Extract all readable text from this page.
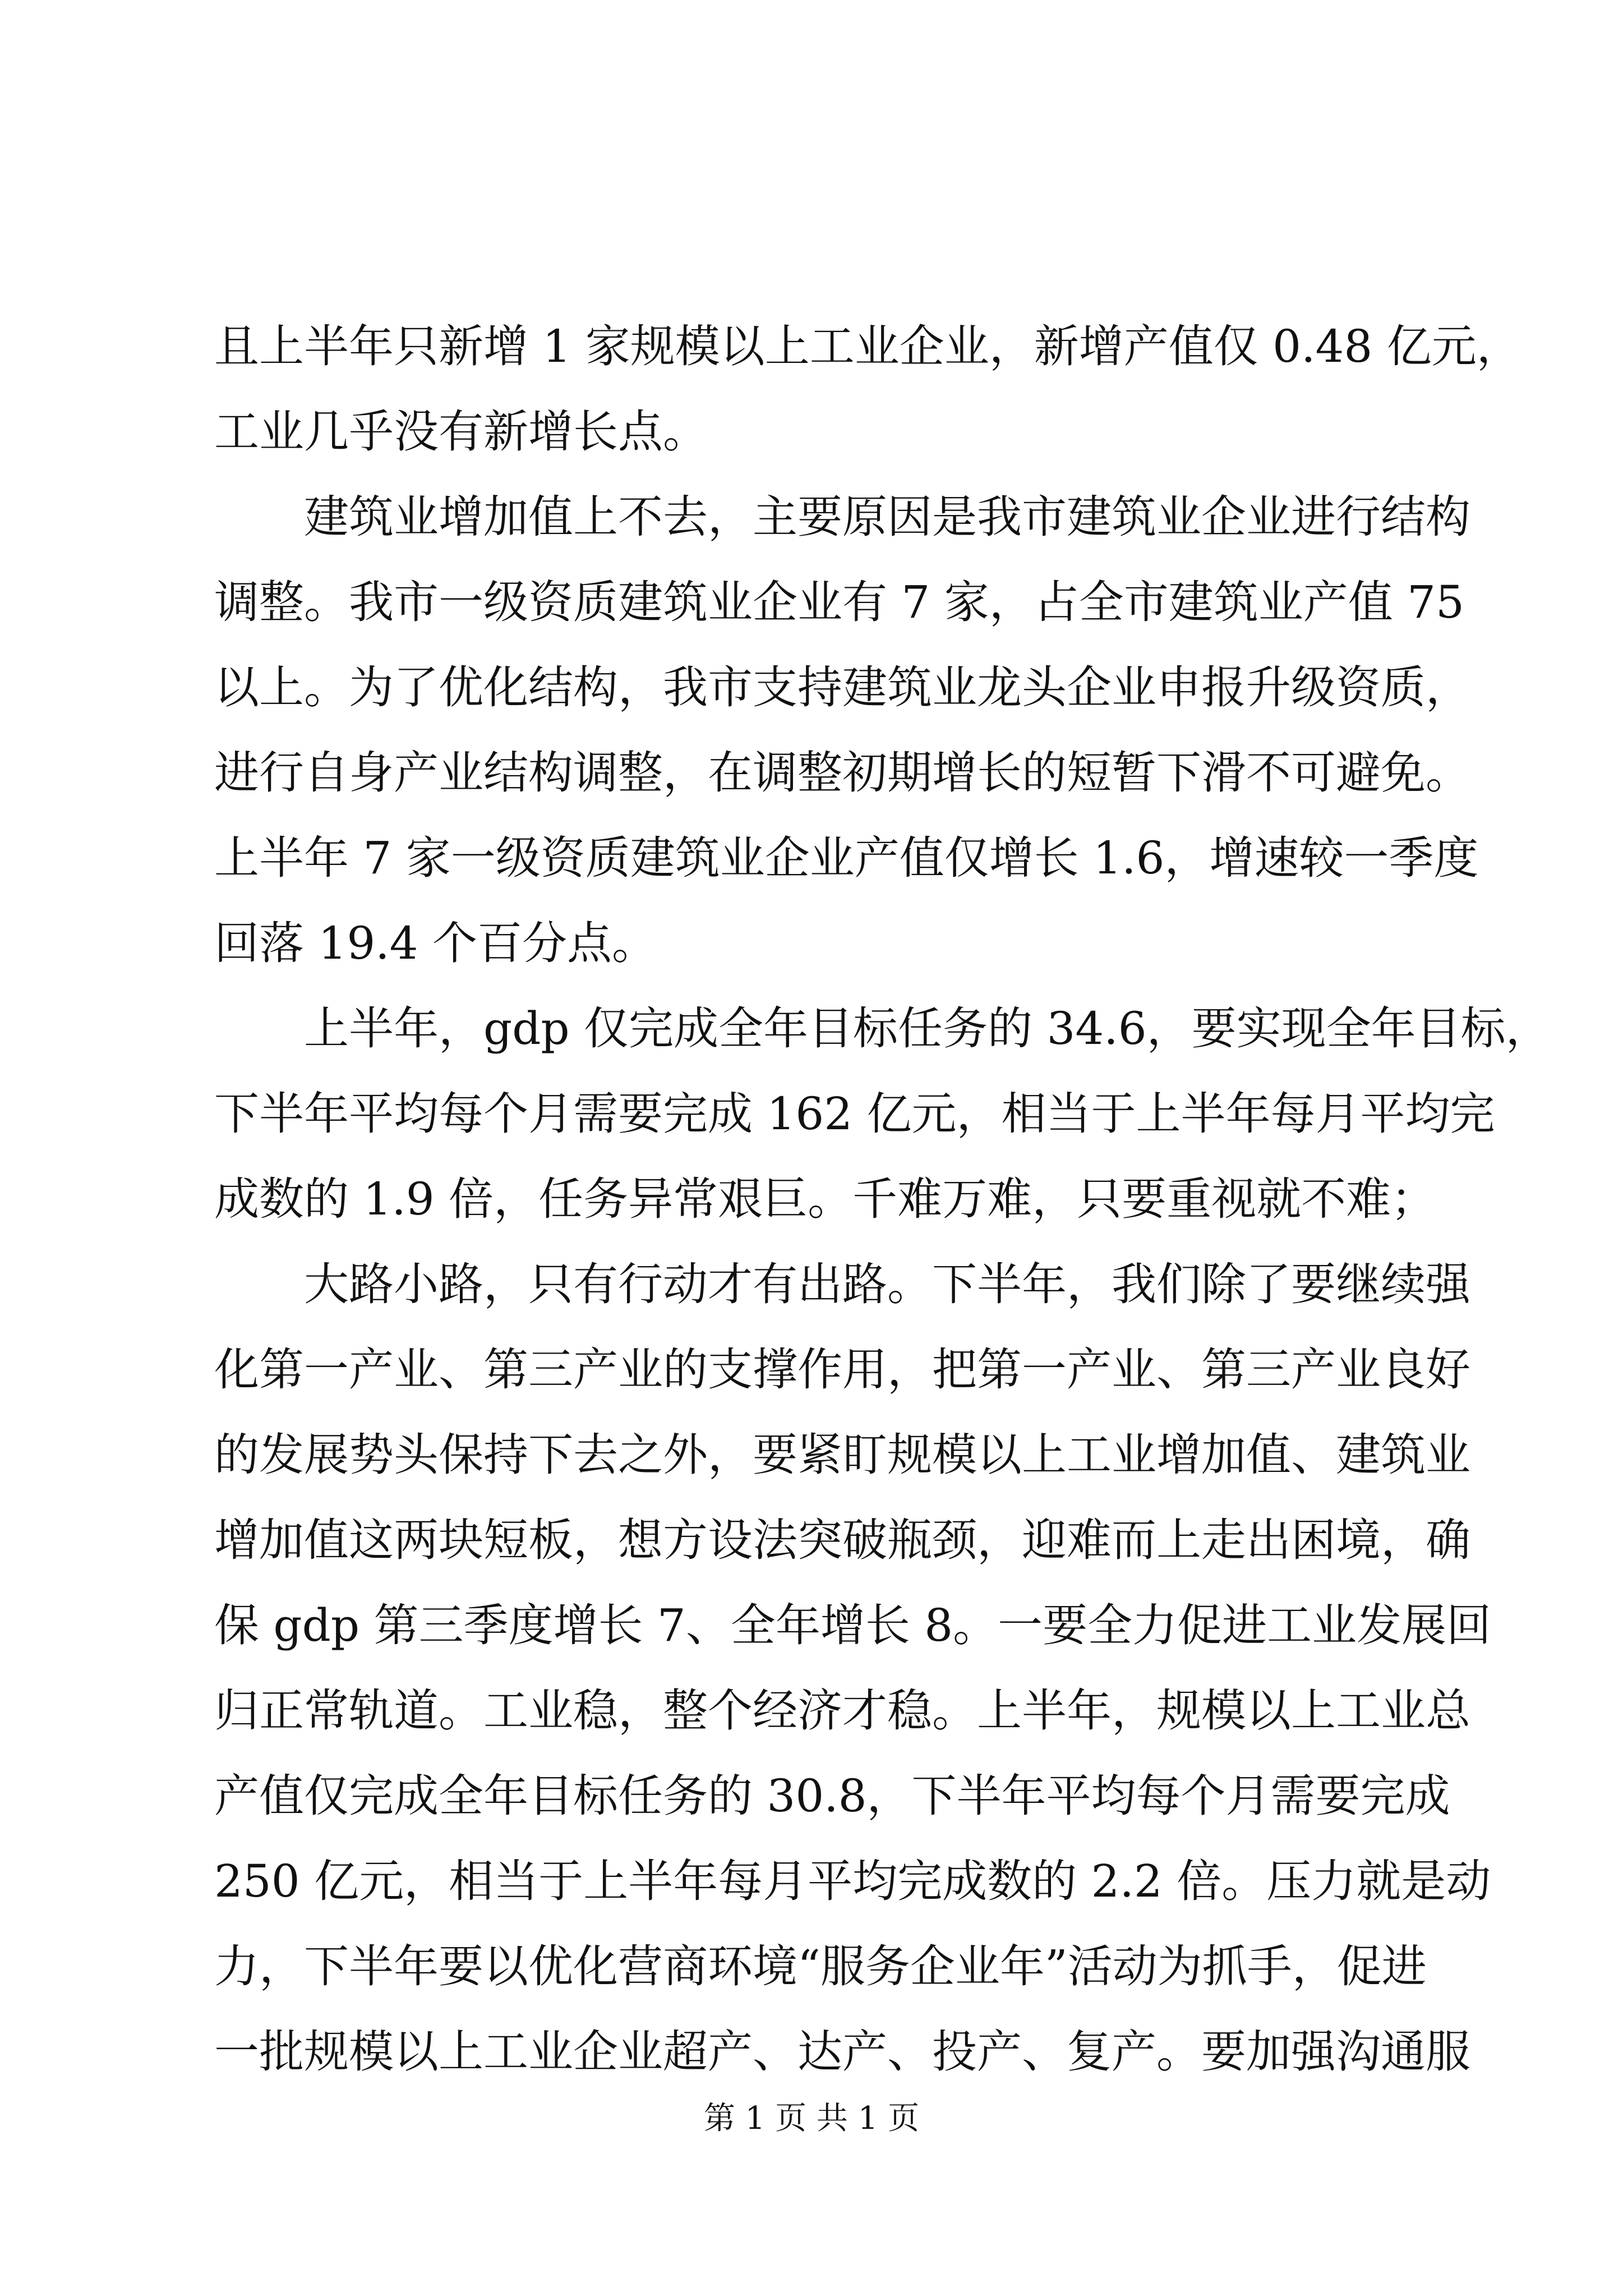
且上半年只新增 1 家规模以上工业企业，新增产值仅 0.48 亿元，
工业几乎没有新增长点。
建筑业增加值上不去，主要原因是我市建筑业企业进行结构
调整。我市一级资质建筑业企业有 7 家，占全市建筑业产值 75
以上。为了优化结构，我市支持建筑业龙头企业申报升级资质，
进行自身产业结构调整，在调整初期增长的短暂下滑不可避免。
上半年 7 家一级资质建筑业企业产值仅增长 1.6，增速较一季度
回落 19.4 个百分点。
上半年，gdp 仅完成全年目标任务的 34.6，要实现全年目标，
下半年平均每个月需要完成 162 亿元，相当于上半年每月平均完
成数的 1.9 倍，任务异常艰巨。千难万难，只要重视就不难；
大路小路，只有行动才有出路。下半年，我们除了要继续强
化第一产业、第三产业的支撑作用，把第一产业、第三产业良好
的发展势头保持下去之外，要紧盯规模以上工业增加值、建筑业
增加值这两块短板，想方设法突破瓶颈，迎难而上走出困境，确
保 gdp 第三季度增长 7、全年增长 8。一要全力促进工业发展回
归正常轨道。工业稳，整个经济才稳。上半年，规模以上工业总
产值仅完成全年目标任务的 30.8，下半年平均每个月需要完成
250 亿元，相当于上半年每月平均完成数的 2.2 倍。压力就是动
力，下半年要以优化营商环境“服务企业年”活动为抓手，促进
一批规模以上工业企业超产、达产、投产、复产。要加强沟通服
第 1 页 共 1 页
